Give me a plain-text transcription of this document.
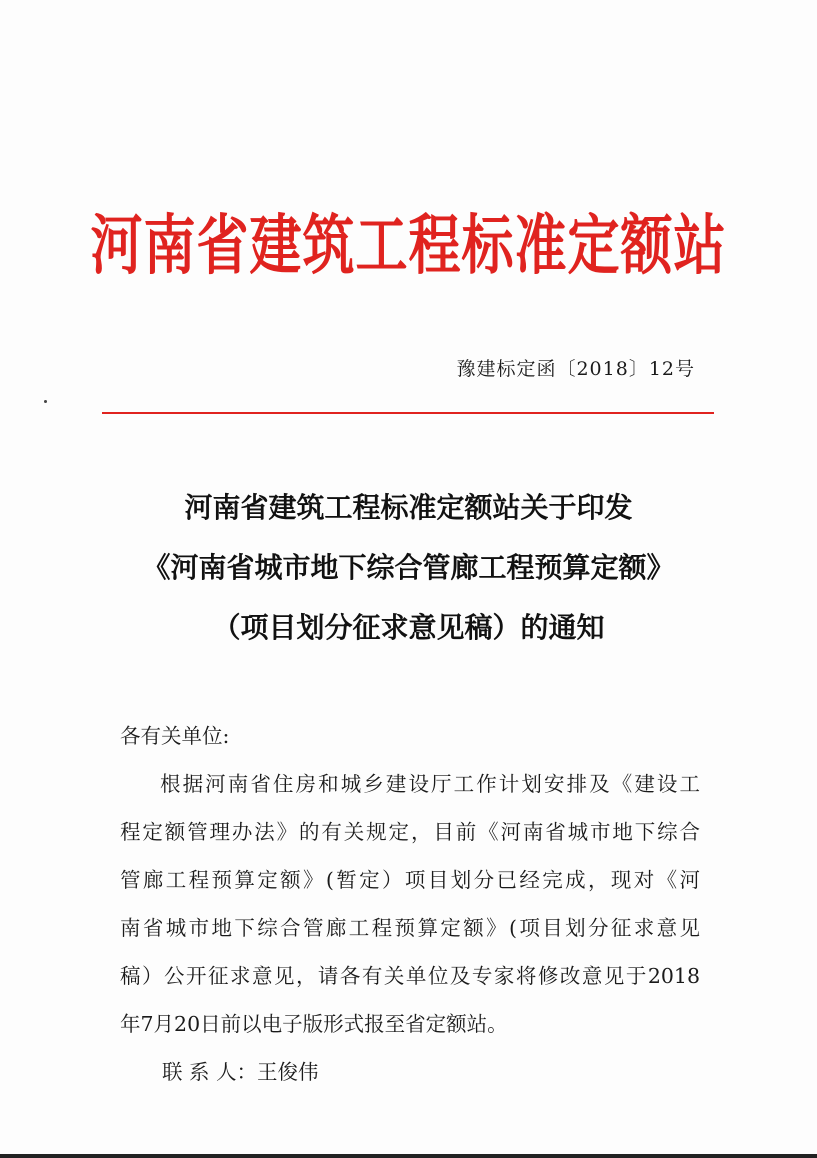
河南省建筑工程标准定额站
豫建标定函〔2018〕12号
河南省建筑工程标准定额站关于印发
《河南省城市地下综合管廊工程预算定额》
（项目划分征求意见稿）的通知
各有关单位:
根据河南省住房和城乡建设厅工作计划安排及《建设工
程定额管理办法》的有关规定，目前《河南省城市地下综合
管廊工程预算定额》(暂定）项目划分已经完成，现对《河
南省城市地下综合管廊工程预算定额》(项目划分征求意见
稿）公开征求意见，请各有关单位及专家将修改意见于2018
年7月20日前以电子版形式报至省定额站。
联 系 人：王俊伟
